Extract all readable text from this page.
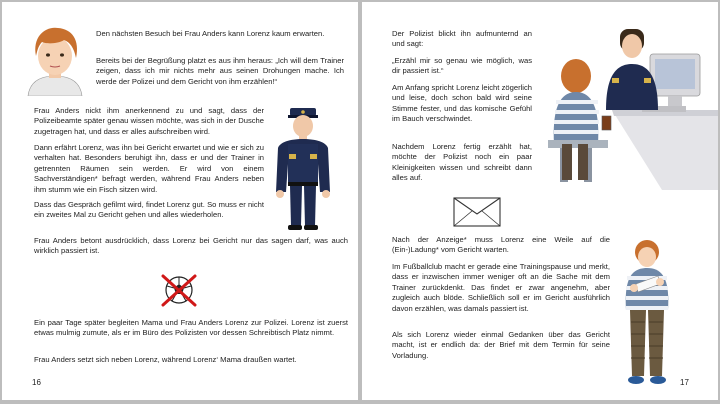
Den nächsten Besuch bei Frau Anders kann Lorenz kaum erwarten.

Bereits bei der Begrüßung platzt es aus ihm heraus: „Ich will dem Trainer zeigen, dass ich mir nichts mehr aus seinen Drohungen mache. Ich werde der Polizei und dem Gericht von ihm erzählen!“

Frau Anders nickt ihm anerkennend zu und sagt, dass der Polizeibeamte später genau wissen möchte, was sich in der Dusche zugetragen hat, und dass er alles aufschreiben wird.

Dann erfährt Lorenz, was ihn bei Gericht erwartet und wie er sich zu verhalten hat. Besonders beruhigt ihn, dass er und der Trainer in getrennten Räumen sein werden. Er wird von einem Sachverständigen* befragt werden, während Frau Anders neben ihm stumm wie ein Fisch sitzen wird.

Dass das Gespräch gefilmt wird, findet Lorenz gut. So muss er nicht ein zweites Mal zu Gericht gehen und alles wiederholen.

Frau Anders betont ausdrücklich, dass Lorenz bei Gericht nur das sagen darf, was auch wirklich passiert ist.

Ein paar Tage später begleiten Mama und Frau Anders Lorenz zur Polizei. Lorenz ist zuerst etwas mulmig zumute, als er im Büro des Polizisten vor dessen Schreibtisch Platz nimmt.

Frau Anders setzt sich neben Lorenz, während Lorenz‘ Mama draußen wartet.

16

Der Polizist blickt ihn aufmunternd an und sagt:

„Erzähl mir so genau wie möglich, was dir passiert ist.“

Am Anfang spricht Lorenz leicht zögerlich und leise, doch schon bald wird seine Stimme fester, und das komische Gefühl im Bauch verschwindet.

Nachdem Lorenz fertig erzählt hat, möchte der Polizist noch ein paar Kleinigkeiten wissen und schreibt dann alles auf.

Nach der Anzeige* muss Lorenz eine Weile auf die (Ein-)Ladung* vom Gericht warten.

Im Fußballclub macht er gerade eine Trainingspause und merkt, dass er inzwischen immer weniger oft an die Sache mit dem Trainer zurückdenkt. Das findet er zwar angenehm, aber zugleich auch blöde. Schließlich soll er im Gericht ausführlich davon erzählen, was damals passiert ist.

Als sich Lorenz wieder einmal Gedanken über das Gericht macht, ist er endlich da: der Brief mit dem Termin für seine Vorladung.

17
